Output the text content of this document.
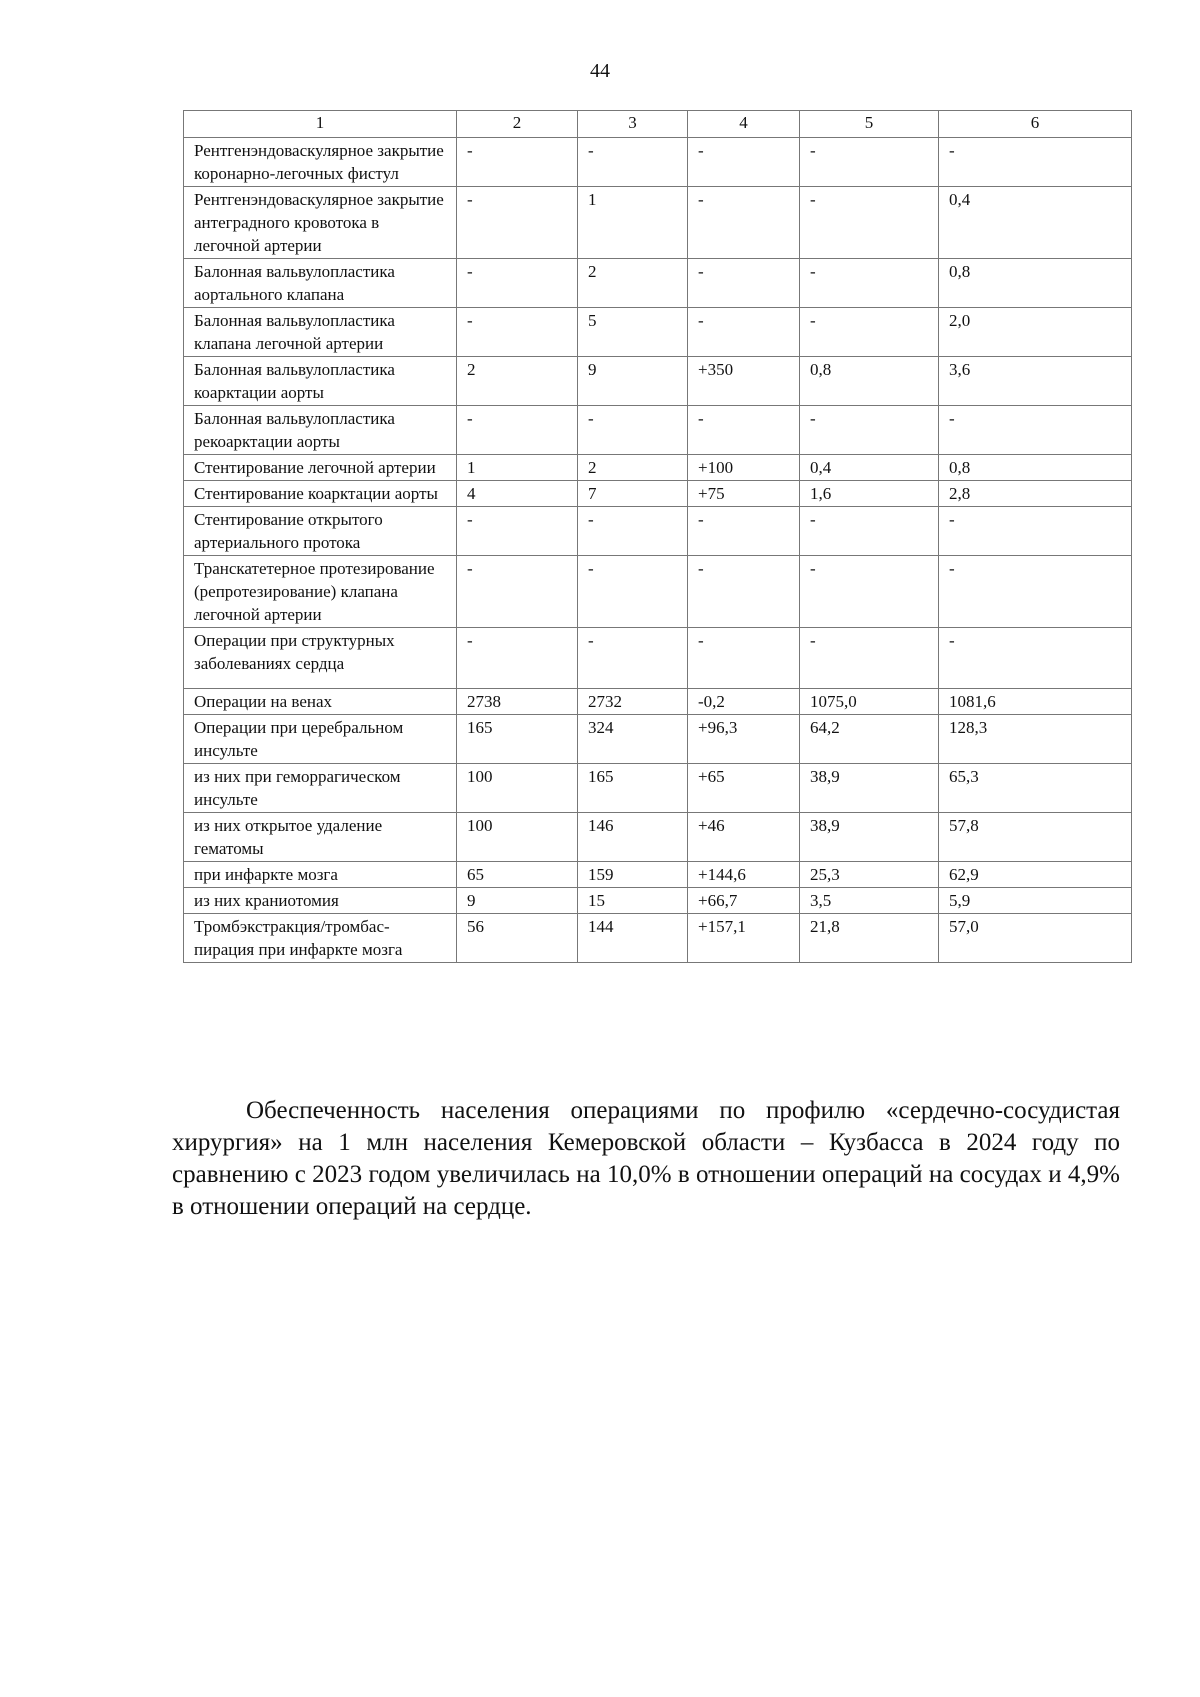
44
1	2	3	4	5	6
Рентгенэндоваскулярное закрытие коронарно-легочных фистул	-	-	-	-	-
Рентгенэндоваскулярное закрытие антеградного кровотока в легочной артерии	-	1	-	-	0,4
Балонная вальвулопластика аортального клапана	-	2	-	-	0,8
Балонная вальвулопластика клапана легочной артерии	-	5	-	-	2,0
Балонная вальвулопластика коарктации аорты	2	9	+350	0,8	3,6
Балонная вальвулопластика рекоарктации аорты	-	-	-	-	-
Стентирование легочной артерии	1	2	+100	0,4	0,8
Стентирование коарктации аорты	4	7	+75	1,6	2,8
Стентирование открытого артериального протока	-	-	-	-	-
Транскатетерное протезирование (репротезирование) клапана легочной артерии	-	-	-	-	-
Операции при структурных заболеваниях сердца	-	-	-	-	-
Операции на венах	2738	2732	-0,2	1075,0	1081,6
Операции при церебральном инсульте	165	324	+96,3	64,2	128,3
из них при геморрагическом инсульте	100	165	+65	38,9	65,3
из них открытое удаление гематомы	100	146	+46	38,9	57,8
при инфаркте мозга	65	159	+144,6	25,3	62,9
из них краниотомия	9	15	+66,7	3,5	5,9
Тромбэкстракция/тромбас-пирация при инфаркте мозга	56	144	+157,1	21,8	57,0

Обеспеченность населения операциями по профилю «сердечно-сосудистая хирургия» на 1 млн населения Кемеровской области – Кузбасса в 2024 году по сравнению с 2023 годом увеличилась на 10,0% в отношении операций на сосудах и 4,9% в отношении операций на сердце.
